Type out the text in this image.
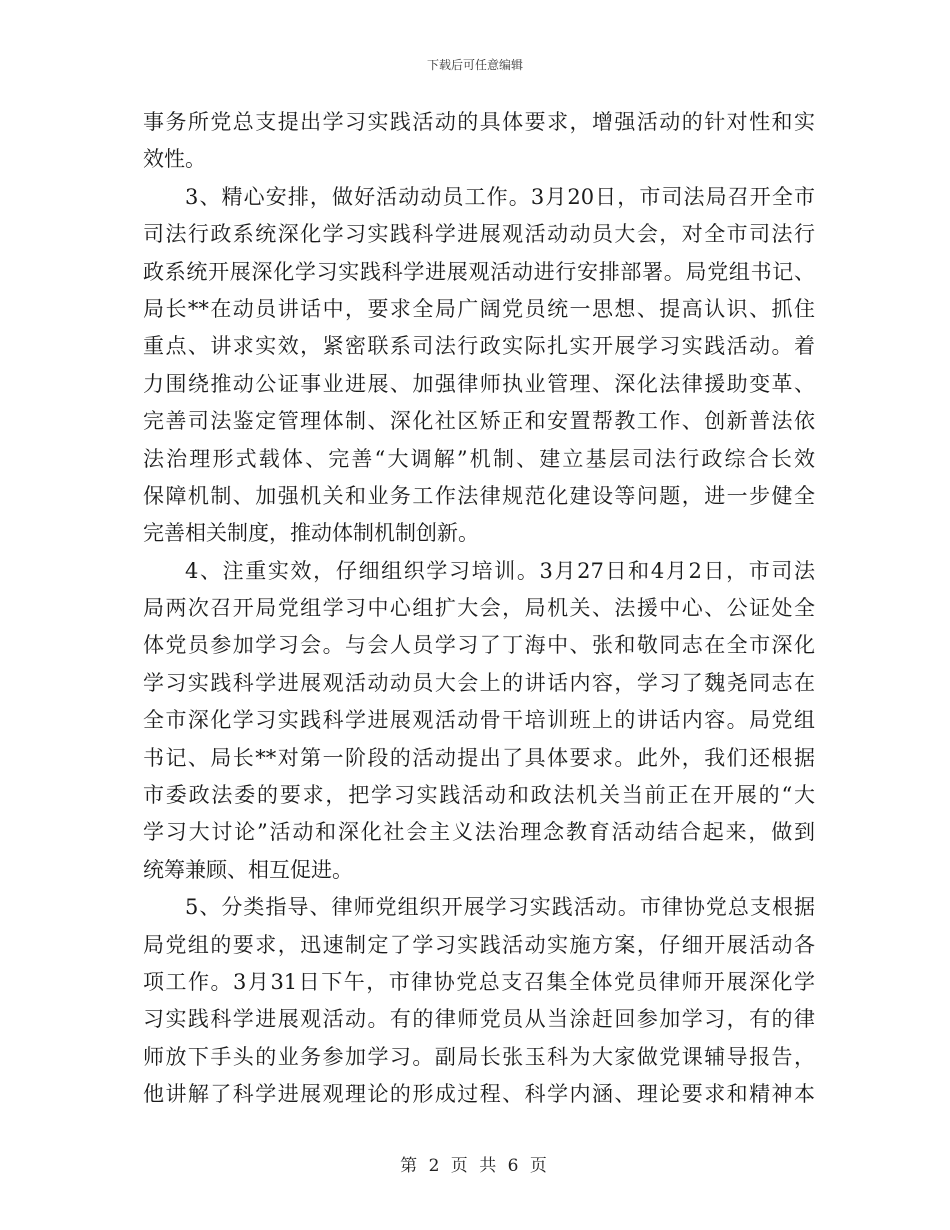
下载后可任意编辑
事务所党总支提出学习实践活动的具体要求，增强活动的针对性和实
效性。
3、精心安排，做好活动动员工作。3月20日，市司法局召开全市
司法行政系统深化学习实践科学进展观活动动员大会，对全市司法行
政系统开展深化学习实践科学进展观活动进行安排部署。局党组书记、
局长**在动员讲话中，要求全局广阔党员统一思想、提高认识、抓住
重点、讲求实效，紧密联系司法行政实际扎实开展学习实践活动。着
力围绕推动公证事业进展、加强律师执业管理、深化法律援助变革、
完善司法鉴定管理体制、深化社区矫正和安置帮教工作、创新普法依
法治理形式载体、完善“大调解”机制、建立基层司法行政综合长效
保障机制、加强机关和业务工作法律规范化建设等问题，进一步健全
完善相关制度，推动体制机制创新。
4、注重实效，仔细组织学习培训。3月27日和4月2日，市司法
局两次召开局党组学习中心组扩大会，局机关、法援中心、公证处全
体党员参加学习会。与会人员学习了丁海中、张和敬同志在全市深化
学习实践科学进展观活动动员大会上的讲话内容，学习了魏尧同志在
全市深化学习实践科学进展观活动骨干培训班上的讲话内容。局党组
书记、局长**对第一阶段的活动提出了具体要求。此外，我们还根据
市委政法委的要求，把学习实践活动和政法机关当前正在开展的“大
学习大讨论”活动和深化社会主义法治理念教育活动结合起来，做到
统筹兼顾、相互促进。
5、分类指导、律师党组织开展学习实践活动。市律协党总支根据
局党组的要求，迅速制定了学习实践活动实施方案，仔细开展活动各
项工作。3月31日下午，市律协党总支召集全体党员律师开展深化学
习实践科学进展观活动。有的律师党员从当涂赶回参加学习，有的律
师放下手头的业务参加学习。副局长张玉科为大家做党课辅导报告，
他讲解了科学进展观理论的形成过程、科学内涵、理论要求和精神本
第 2 页 共 6 页
